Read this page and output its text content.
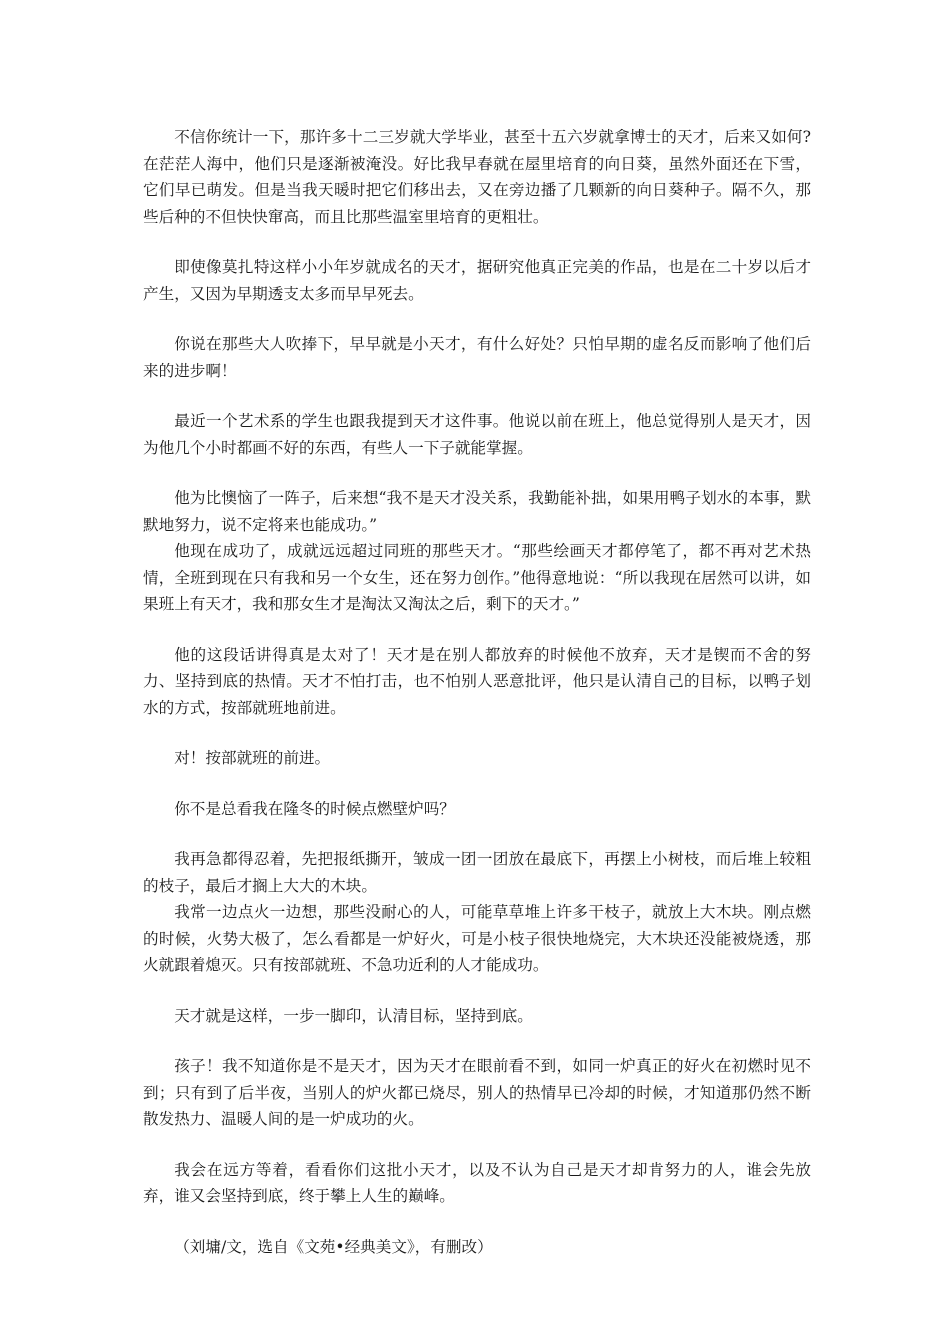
不信你统计一下，那许多十二三岁就大学毕业，甚至十五六岁就拿博士的天才，后来又如何?在茫茫人海中，他们只是逐渐被淹没。好比我早春就在屋里培育的向日葵，虽然外面还在下雪，它们早已萌发。但是当我天暖时把它们移出去，又在旁边播了几颗新的向日葵种子。隔不久，那些后种的不但快快窜高，而且比那些温室里培育的更粗壮。

即使像莫扎特这样小小年岁就成名的天才，据研究他真正完美的作品，也是在二十岁以后才产生，又因为早期透支太多而早早死去。

你说在那些大人吹捧下，早早就是小天才，有什么好处？只怕早期的虚名反而影响了他们后来的进步啊！

最近一个艺术系的学生也跟我提到天才这件事。他说以前在班上，他总觉得别人是天才，因为他几个小时都画不好的东西，有些人一下子就能掌握。

他为比懊恼了一阵子，后来想“我不是天才没关系，我勤能补拙，如果用鸭子划水的本事，默默地努力，说不定将来也能成功。”

他现在成功了，成就远远超过同班的那些天才。“那些绘画天才都停笔了，都不再对艺术热情，全班到现在只有我和另一个女生，还在努力创作。”他得意地说：“所以我现在居然可以讲，如果班上有天才，我和那女生才是淘汰又淘汰之后，剩下的天才。”

他的这段话讲得真是太对了！天才是在别人都放弃的时候他不放弃，天才是锲而不舍的努力、坚持到底的热情。天才不怕打击，也不怕别人恶意批评，他只是认清自己的目标，以鸭子划水的方式，按部就班地前进。

对！按部就班的前进。

你不是总看我在隆冬的时候点燃壁炉吗？

我再急都得忍着，先把报纸撕开，皱成一团一团放在最底下，再摆上小树枝，而后堆上较粗的枝子，最后才搁上大大的木块。

我常一边点火一边想，那些没耐心的人，可能草草堆上许多干枝子，就放上大木块。刚点燃的时候，火势大极了，怎么看都是一炉好火，可是小枝子很快地烧完，大木块还没能被烧透，那火就跟着熄灭。只有按部就班、不急功近利的人才能成功。

天才就是这样，一步一脚印，认清目标，坚持到底。

孩子！我不知道你是不是天才，因为天才在眼前看不到，如同一炉真正的好火在初燃时见不到；只有到了后半夜，当别人的炉火都已烧尽，别人的热情早已冷却的时候，才知道那仍然不断散发热力、温暖人间的是一炉成功的火。

我会在远方等着，看看你们这批小天才，以及不认为自己是天才却肯努力的人，谁会先放弃，谁又会坚持到底，终于攀上人生的巅峰。

（刘墉/文，选自《文苑•经典美文》，有删改）
